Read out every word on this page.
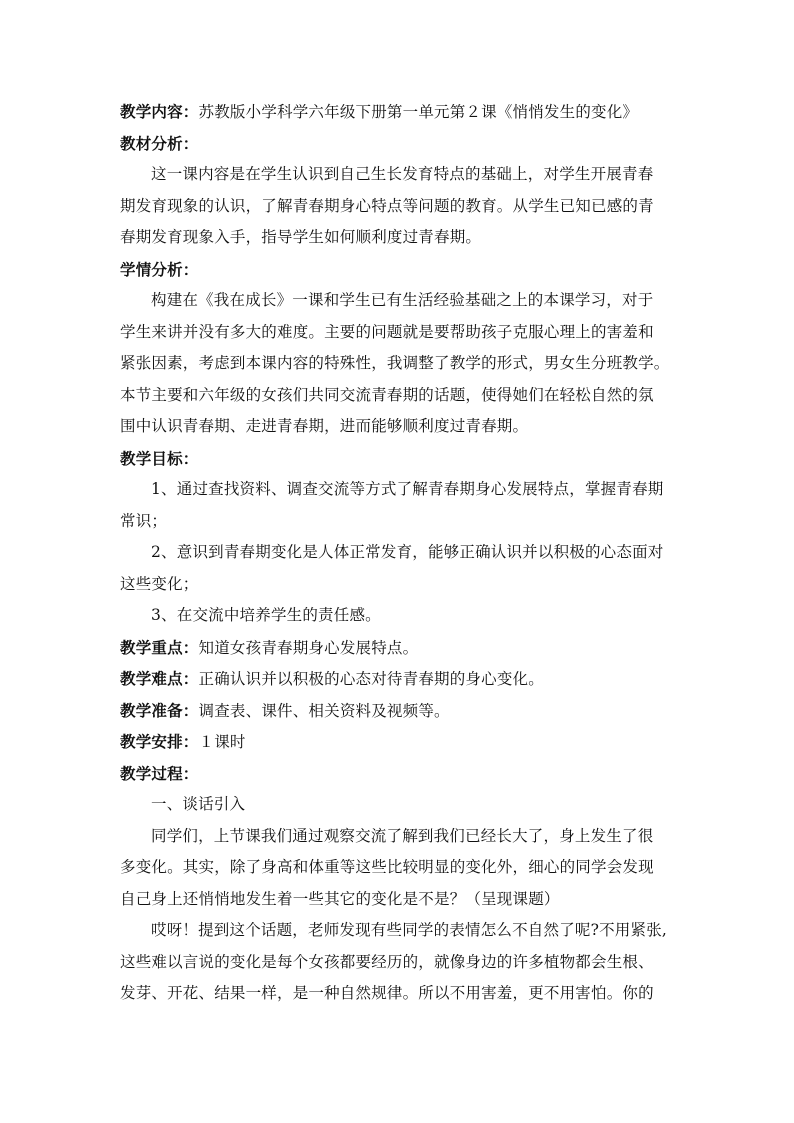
教学内容：苏教版小学科学六年级下册第一单元第２课《悄悄发生的变化》
教材分析：
这一课内容是在学生认识到自己生长发育特点的基础上，对学生开展青春
期发育现象的认识，了解青春期身心特点等问题的教育。从学生已知已感的青
春期发育现象入手，指导学生如何顺利度过青春期。
学情分析：
构建在《我在成长》一课和学生已有生活经验基础之上的本课学习，对于
学生来讲并没有多大的难度。主要的问题就是要帮助孩子克服心理上的害羞和
紧张因素，考虑到本课内容的特殊性，我调整了教学的形式，男女生分班教学。
本节主要和六年级的女孩们共同交流青春期的话题，使得她们在轻松自然的氛
围中认识青春期、走进青春期，进而能够顺利度过青春期。
教学目标：
1、通过查找资料、调查交流等方式了解青春期身心发展特点，掌握青春期
常识；
2、意识到青春期变化是人体正常发育，能够正确认识并以积极的心态面对
这些变化；
3、在交流中培养学生的责任感。
教学重点：知道女孩青春期身心发展特点。
教学难点：正确认识并以积极的心态对待青春期的身心变化。
教学准备：调查表、课件、相关资料及视频等。
教学安排：１课时
教学过程：
一、谈话引入
同学们，上节课我们通过观察交流了解到我们已经长大了，身上发生了很
多变化。其实，除了身高和体重等这些比较明显的变化外，细心的同学会发现
自己身上还悄悄地发生着一些其它的变化是不是？（呈现课题）
哎呀！提到这个话题，老师发现有些同学的表情怎么不自然了呢?不用紧张,
这些难以言说的变化是每个女孩都要经历的，就像身边的许多植物都会生根、
发芽、开花、结果一样，是一种自然规律。所以不用害羞，更不用害怕。你的
